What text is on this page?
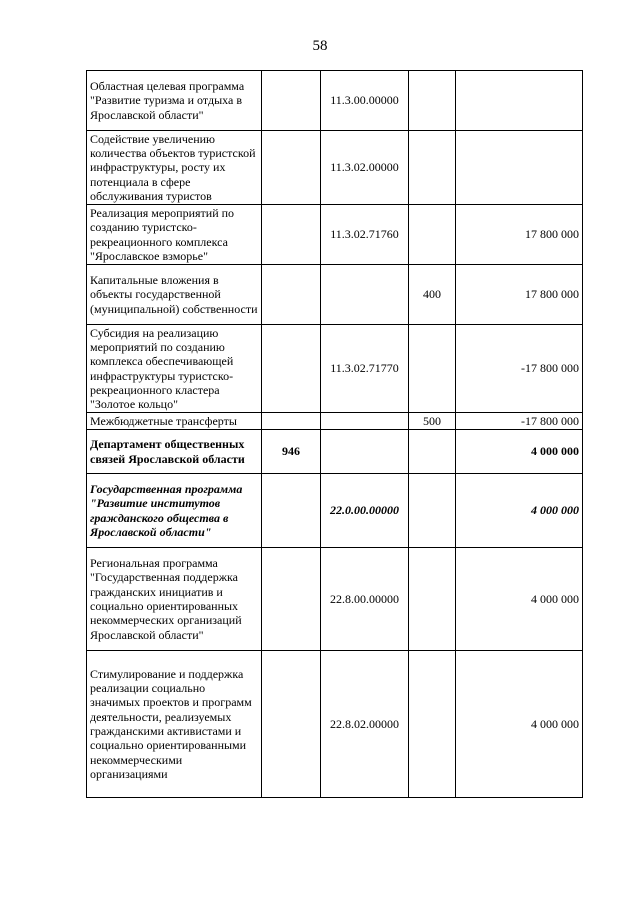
58
Областная целевая программа "Развитие туризма и отдыха в Ярославской области"		11.3.00.00000		
Содействие увеличению количества объектов туристской инфраструктуры, росту их потенциала в сфере обслуживания туристов		11.3.02.00000		
Реализация мероприятий по созданию туристско-рекреационного комплекса "Ярославское взморье"		11.3.02.71760		17 800 000
Капитальные вложения в объекты государственной (муниципальной) собственности			400	17 800 000
Субсидия на реализацию мероприятий по созданию комплекса обеспечивающей инфраструктуры туристско-рекреационного кластера "Золотое кольцо"		11.3.02.71770		-17 800 000
Межбюджетные трансферты			500	-17 800 000
Департамент общественных связей Ярославской области	946			4 000 000
Государственная программа "Развитие институтов гражданского общества в Ярославской области"		22.0.00.00000		4 000 000
Региональная программа "Государственная поддержка гражданских инициатив и социально ориентированных некоммерческих организаций Ярославской области"		22.8.00.00000		4 000 000
Стимулирование и поддержка реализации социально значимых проектов и программ деятельности, реализуемых гражданскими активистами и социально ориентированными некоммерческими организациями		22.8.02.00000		4 000 000
